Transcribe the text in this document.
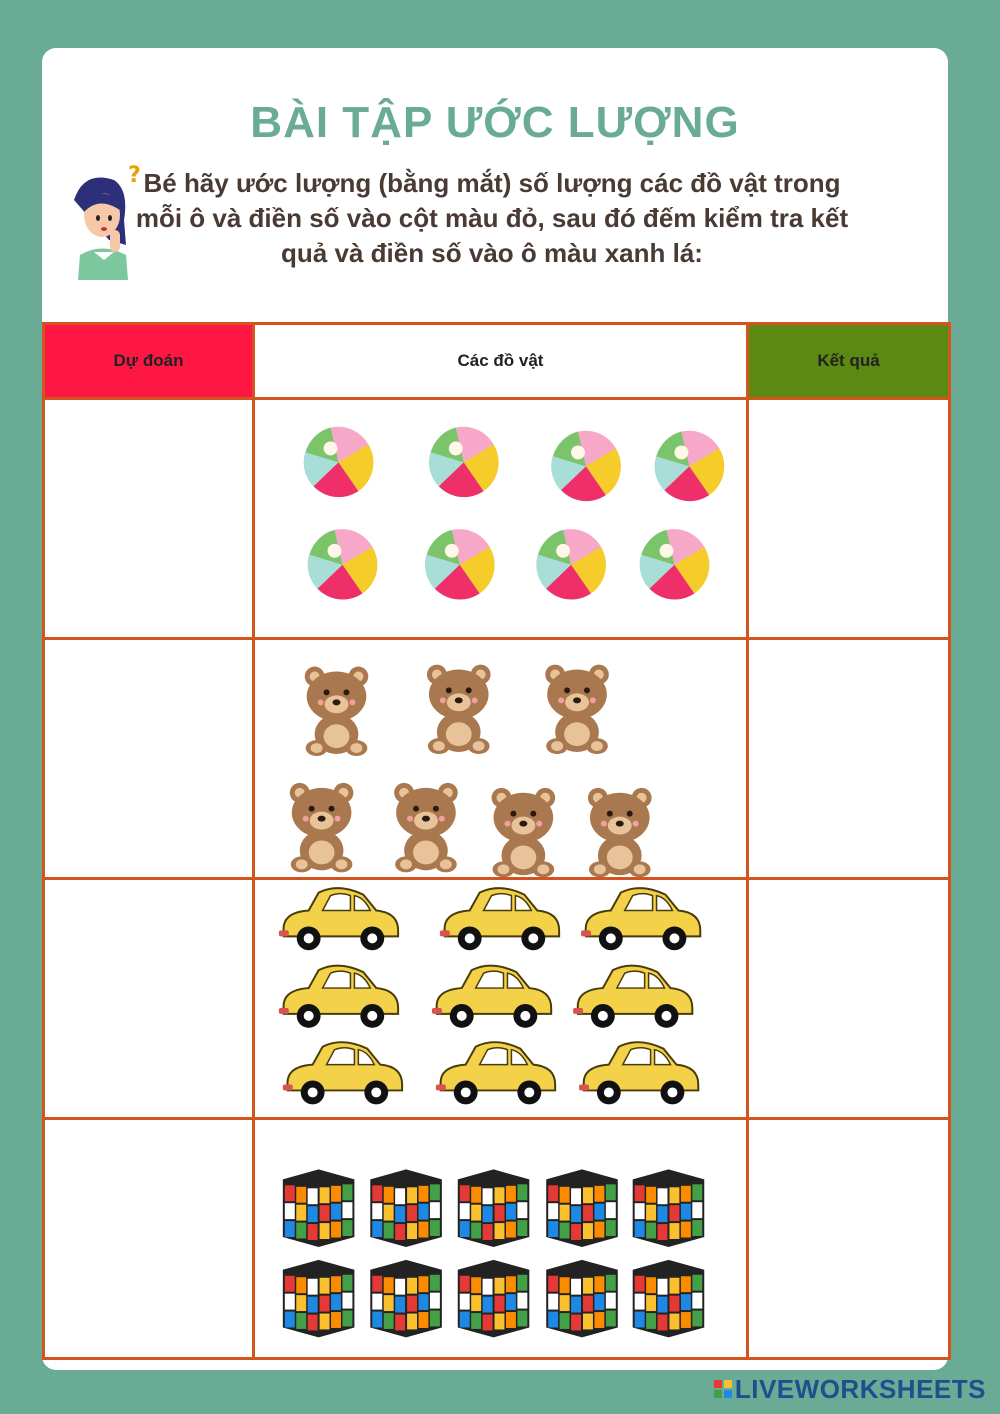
BÀI TẬP ƯỚC LƯỢNG
? Bé hãy ước lượng (bằng mắt) số lượng các đồ vật trong mỗi ô và điền số vào cột màu đỏ, sau đó đếm kiểm tra kết quả và điền số vào ô màu xanh lá:

Dự đoán	Các đồ vật	Kết quả

LIVEWORKSHEETS
